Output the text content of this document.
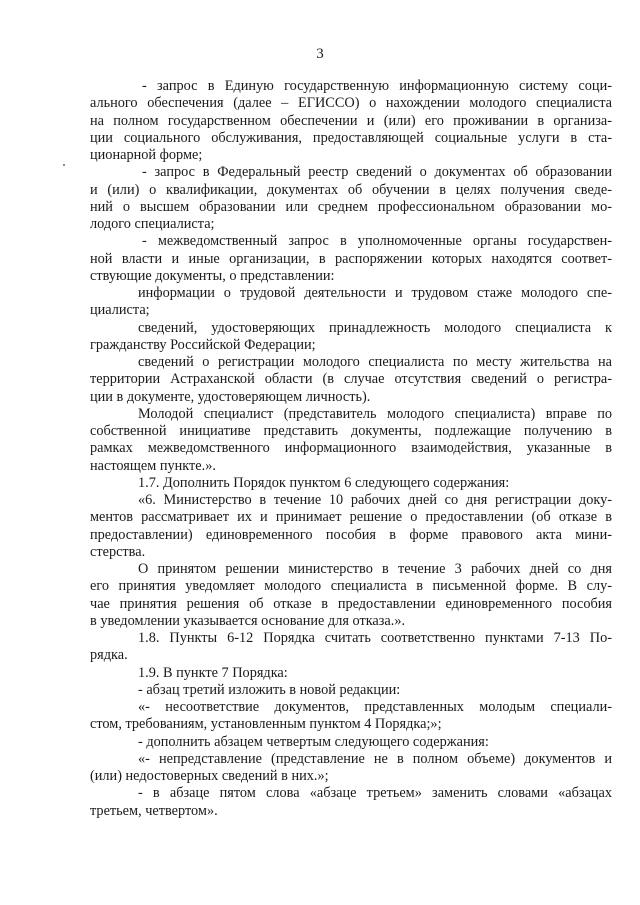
3
- запрос в Единую государственную информационную систему соци-
ального обеспечения (далее – ЕГИССО) о нахождении молодого специалиста
на полном государственном обеспечении и (или) его проживании в организа-
ции социального обслуживания, предоставляющей социальные услуги в ста-
ционарной форме;
- запрос в Федеральный реестр сведений о документах об образовании
и (или) о квалификации, документах об обучении в целях получения сведе-
ний о высшем образовании или среднем профессиональном образовании мо-
лодого специалиста;
- межведомственный запрос в уполномоченные органы государствен-
ной власти и иные организации, в распоряжении которых находятся соответ-
ствующие документы, о представлении:
информации о трудовой деятельности и трудовом стаже молодого спе-
циалиста;
сведений, удостоверяющих принадлежность молодого специалиста к
гражданству Российской Федерации;
сведений о регистрации молодого специалиста по месту жительства на
территории Астраханской области (в случае отсутствия сведений о регистра-
ции в документе, удостоверяющем личность).
Молодой специалист (представитель молодого специалиста) вправе по
собственной инициативе представить документы, подлежащие получению в
рамках межведомственного информационного взаимодействия, указанные в
настоящем пункте.».
1.7. Дополнить Порядок пунктом 6 следующего содержания:
«6. Министерство в течение 10 рабочих дней со дня регистрации доку-
ментов рассматривает их и принимает решение о предоставлении (об отказе в
предоставлении) единовременного пособия в форме правового акта мини-
стерства.
О принятом решении министерство в течение 3 рабочих дней со дня
его принятия уведомляет молодого специалиста в письменной форме. В слу-
чае принятия решения об отказе в предоставлении единовременного пособия
в уведомлении указывается основание для отказа.».
1.8. Пункты 6-12 Порядка считать соответственно пунктами 7-13 По-
рядка.
1.9. В пункте 7 Порядка:
- абзац третий изложить в новой редакции:
«- несоответствие документов, представленных молодым специали-
стом, требованиям, установленным пунктом 4 Порядка;»;
- дополнить абзацем четвертым следующего содержания:
«- непредставление (представление не в полном объеме) документов и
(или) недостоверных сведений в них.»;
- в абзаце пятом слова «абзаце третьем» заменить словами «абзацах
третьем, четвертом».
